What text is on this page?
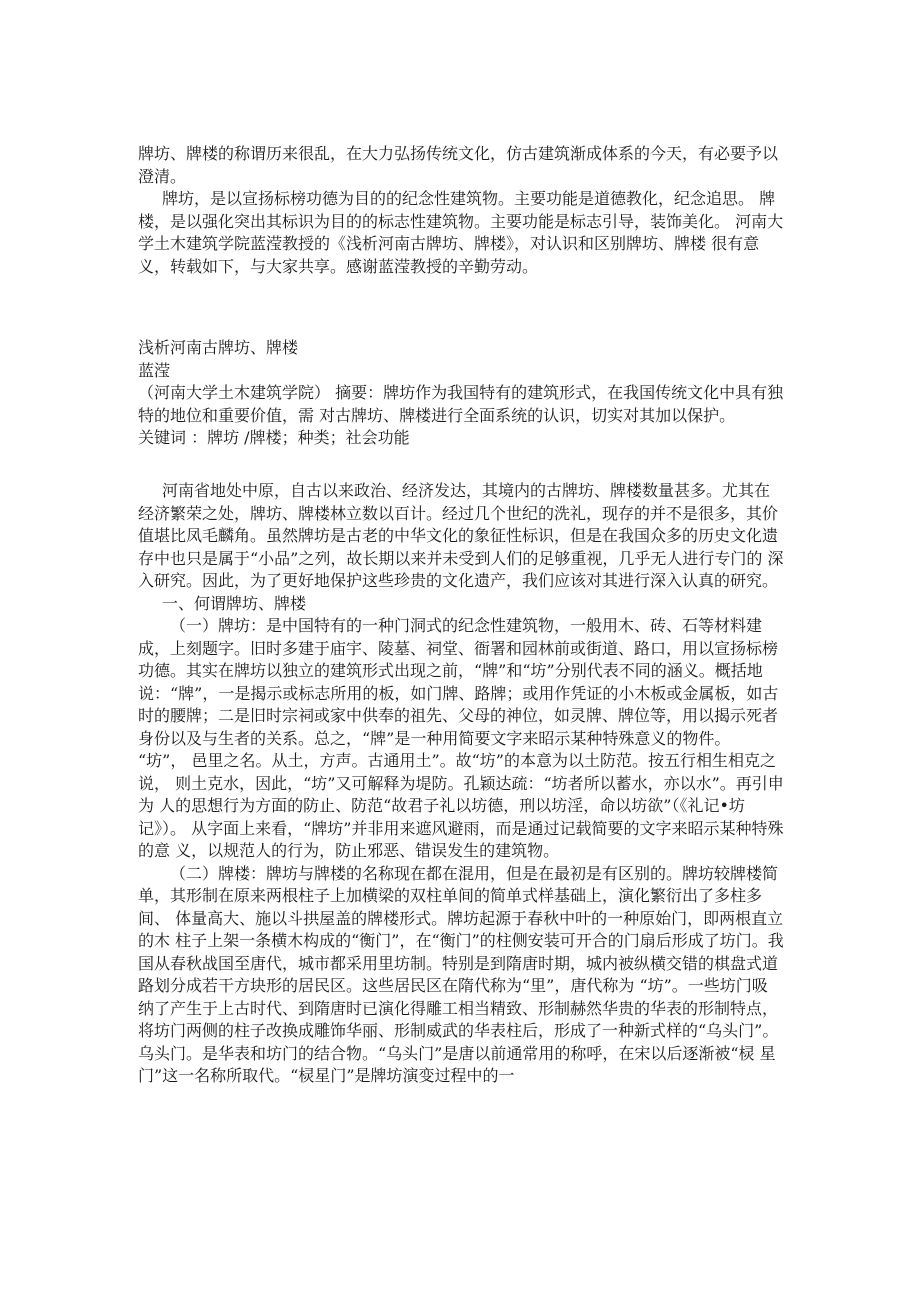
牌坊、牌楼的称谓历来很乱，在大力弘扬传统文化，仿古建筑渐成体系的今天，有必要予以澄清。

牌坊，是以宣扬标榜功德为目的的纪念性建筑物。主要功能是道德教化，纪念追思。 牌楼，是以强化突出其标识为目的的标志性建筑物。主要功能是标志引导，装饰美化。 河南大学土木建筑学院蓝滢教授的《浅析河南古牌坊、牌楼》，对认识和区别牌坊、牌楼 很有意义，转载如下，与大家共享。感谢蓝滢教授的辛勤劳动。

浅析河南古牌坊、牌楼

蓝滢

（河南大学土木建筑学院） 摘要：牌坊作为我国特有的建筑形式，在我国传统文化中具有独特的地位和重要价值，需 对古牌坊、牌楼进行全面系统的认识，切实对其加以保护。

关键词 ：牌坊 /牌楼；种类；社会功能

河南省地处中原，自古以来政治、经济发达，其境内的古牌坊、牌楼数量甚多。尤其在 经济繁荣之处，牌坊、牌楼林立数以百计。经过几个世纪的洗礼，现存的并不是很多，其价 值堪比凤毛麟角。虽然牌坊是古老的中华文化的象征性标识，但是在我国众多的历史文化遗 存中也只是属于“小品”之列，故长期以来并未受到人们的足够重视，几乎无人进行专门的 深入研究。因此，为了更好地保护这些珍贵的文化遗产，我们应该对其进行深入认真的研究。

一、何谓牌坊、牌楼

（一）牌坊：是中国特有的一种门洞式的纪念性建筑物，一般用木、砖、石等材料建成，上刻题字。旧时多建于庙宇、陵墓、祠堂、衙署和园林前或街道、路口，用以宣扬标榜功德。其实在牌坊以独立的建筑形式出现之前，“牌”和“坊”分别代表不同的涵义。概括地说：“牌”，一是揭示或标志所用的板，如门牌、路牌；或用作凭证的小木板或金属板，如古时的腰牌；二是旧时宗祠或家中供奉的祖先、父母的神位，如灵牌、牌位等，用以揭示死者身份以及与生者的关系。总之，“牌”是一种用简要文字来昭示某种特殊意义的物件。

“坊”， 邑里之名。从土，方声。古通用土”。故“坊”的本意为以土防范。按五行相生相克之说， 则土克水，因此，“坊”又可解释为堤防。孔颖达疏：“坊者所以蓄水，亦以水”。再引申为 人的思想行为方面的防止、防范“故君子礼以坊德，刑以坊淫，命以坊欲”（《礼记•坊记》）。 从字面上来看，“牌坊”并非用来遮风避雨，而是通过记载简要的文字来昭示某种特殊的意 义，以规范人的行为，防止邪恶、错误发生的建筑物。

（二）牌楼：牌坊与牌楼的名称现在都在混用，但是在最初是有区别的。牌坊较牌楼简 单，其形制在原来两根柱子上加横梁的双柱单间的简单式样基础上，演化繁衍出了多柱多间、 体量高大、施以斗拱屋盖的牌楼形式。牌坊起源于春秋中叶的一种原始门，即两根直立的木 柱子上架一条横木构成的“衡门”，在“衡门”的柱侧安装可开合的门扇后形成了坊门。我 国从春秋战国至唐代，城市都采用里坊制。特别是到隋唐时期，城内被纵横交错的棋盘式道 路划分成若干方块形的居民区。这些居民区在隋代称为“里”，唐代称为 “坊”。一些坊门吸 纳了产生于上古时代、到隋唐时已演化得雕工相当精致、形制赫然华贵的华表的形制特点， 将坊门两侧的柱子改换成雕饰华丽、形制威武的华表柱后，形成了一种新式样的“乌头门”。 乌头门。是华表和坊门的结合物。“乌头门”是唐以前通常用的称呼，在宋以后逐渐被“棂 星门”这一名称所取代。“棂星门”是牌坊演变过程中的一
